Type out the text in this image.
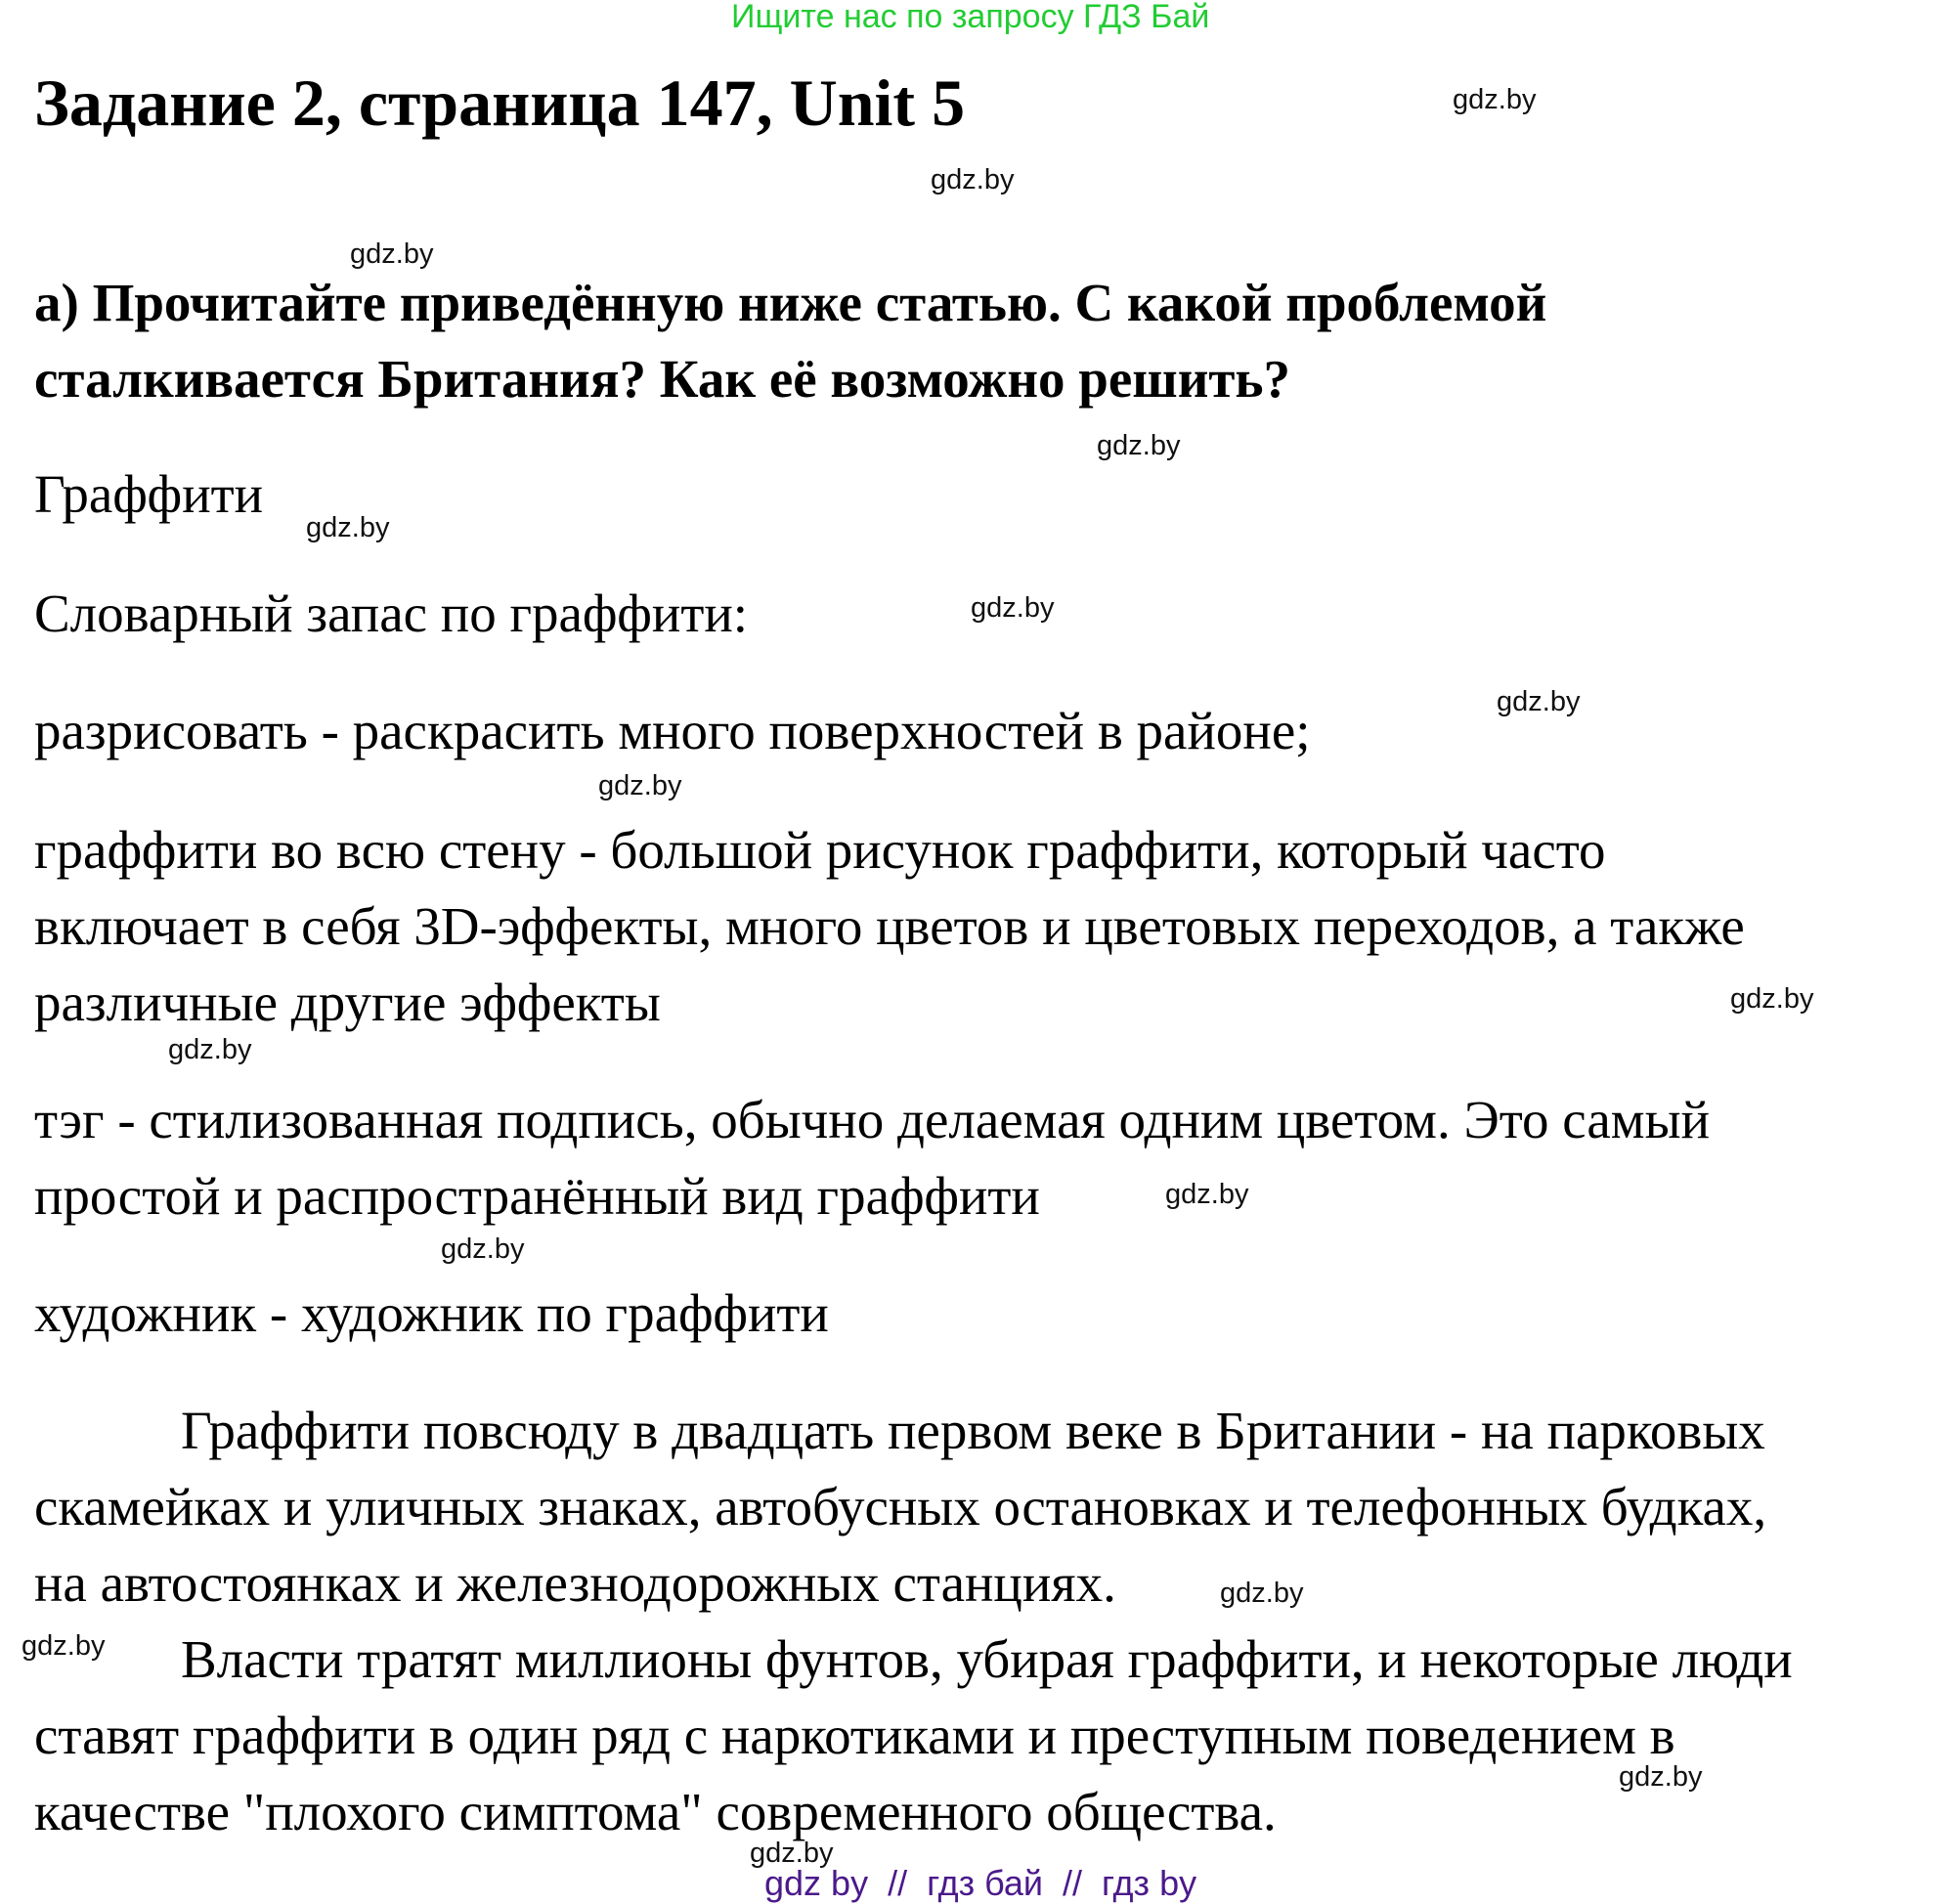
Ищите нас по запросу ГДЗ Бай
Задание 2, страница 147, Unit 5
a) Прочитайте приведённую ниже статью. С какой проблемой
сталкивается Британия? Как её возможно решить?
Граффити
Словарный запас по граффити:
разрисовать - раскрасить много поверхностей в районе;
граффити во всю стену - большой рисунок граффити, который часто
включает в себя 3D-эффекты, много цветов и цветовых переходов, а также
различные другие эффекты
тэг - стилизованная подпись, обычно делаемая одним цветом. Это самый
простой и распространённый вид граффити
художник - художник по граффити
Граффити повсюду в двадцать первом веке в Британии - на парковых
скамейках и уличных знаках, автобусных остановках и телефонных будках,
на автостоянках и железнодорожных станциях.
Власти тратят миллионы фунтов, убирая граффити, и некоторые люди
ставят граффити в один ряд с наркотиками и преступным поведением в
качестве "плохого симптома" современного общества.
gdz.by
gdz.by
gdz.by
gdz.by
gdz.by
gdz.by
gdz.by
gdz.by
gdz.by
gdz.by
gdz.by
gdz.by
gdz.by
gdz.by
gdz.by
gdz.by
gdz by  //  гдз бай  //  гдз by
